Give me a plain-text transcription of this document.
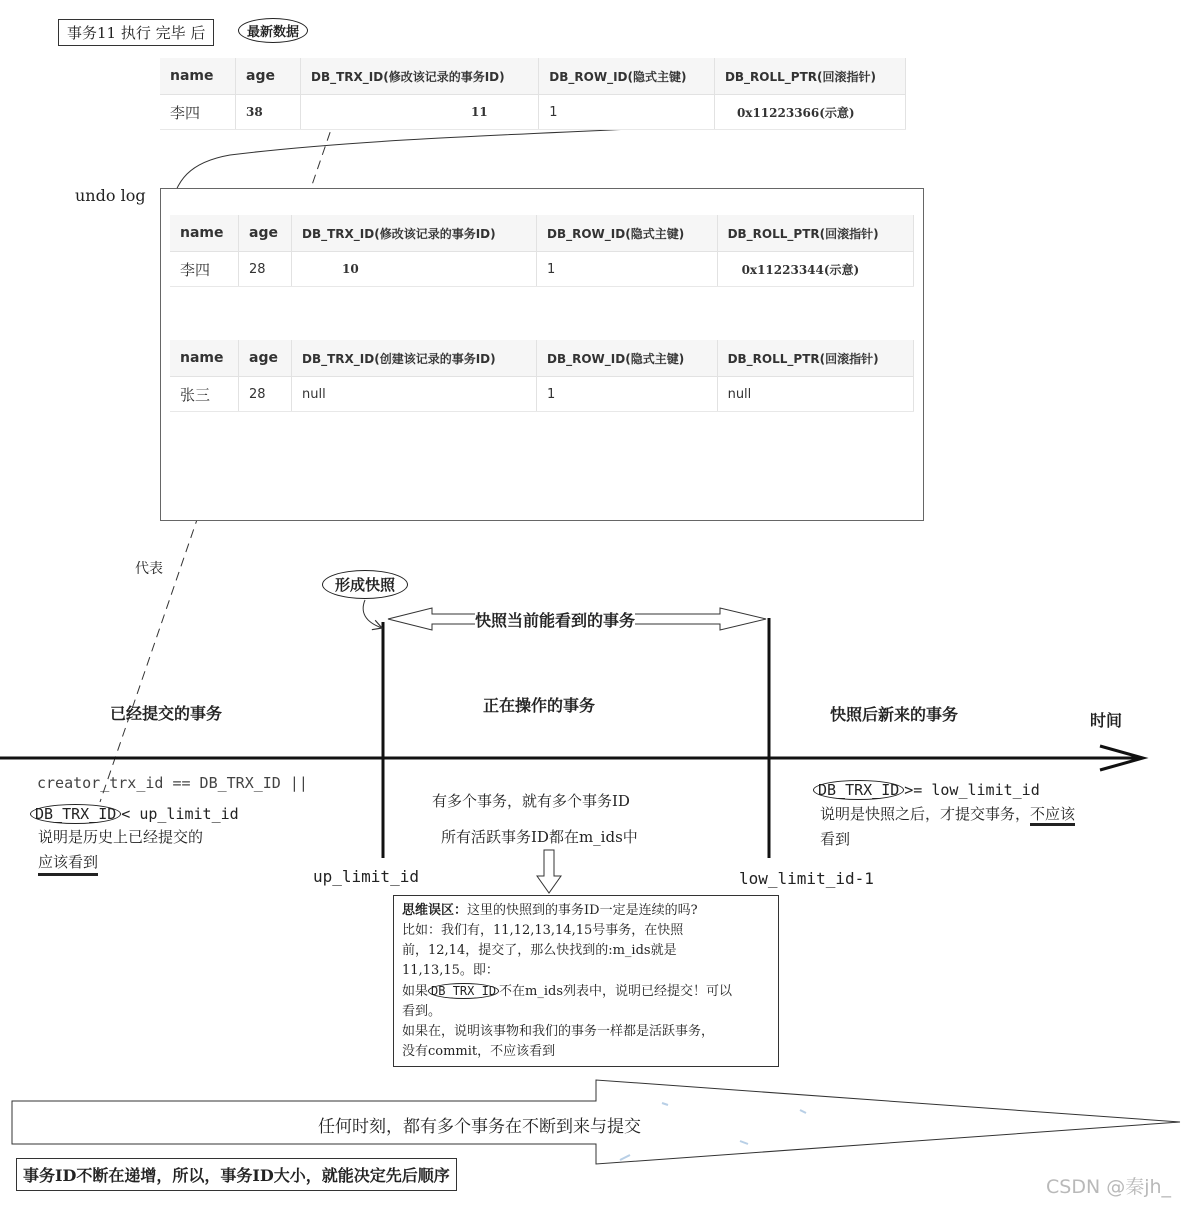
事务11 执行 完毕 后	最新数据
name	age	DB_TRX_ID(修改该记录的事务ID)	DB_ROW_ID(隐式主键)	DB_ROLL_PTR(回滚指针)
李四	38	11	1	0x11223366(示意)
undo log
name	age	DB_TRX_ID(修改该记录的事务ID)	DB_ROW_ID(隐式主键)	DB_ROLL_PTR(回滚指针)
李四	28	10	1	0x11223344(示意)
name	age	DB_TRX_ID(创建该记录的事务ID)	DB_ROW_ID(隐式主键)	DB_ROLL_PTR(回滚指针)
张三	28	null	1	null
代表
形成快照
快照当前能看到的事务
已经提交的事务	正在操作的事务	快照后新来的事务	时间
up_limit_id	low_limit_id-1
creator_trx_id == DB_TRX_ID ||
DB_TRX_ID < up_limit_id
说明是历史上已经提交的
应该看到
有多个事务，就有多个事务ID
所有活跃事务ID都在m_ids中
DB_TRX_ID >= low_limit_id
说明是快照之后，才提交事务，不应该
看到
思维误区：这里的快照到的事务ID一定是连续的吗?
比如：我们有，11,12,13,14,15号事务，在快照
前，12,14，提交了，那么快找到的:m_ids就是
11,13,15。即：
如果 DB_TRX_ID 不在m_ids列表中，说明已经提交！可以
看到。
如果在，说明该事物和我们的事务一样都是活跃事务，
没有commit，不应该看到
任何时刻，都有多个事务在不断到来与提交
事务ID不断在递增，所以，事务ID大小，就能决定先后顺序
CSDN @秦jh_
